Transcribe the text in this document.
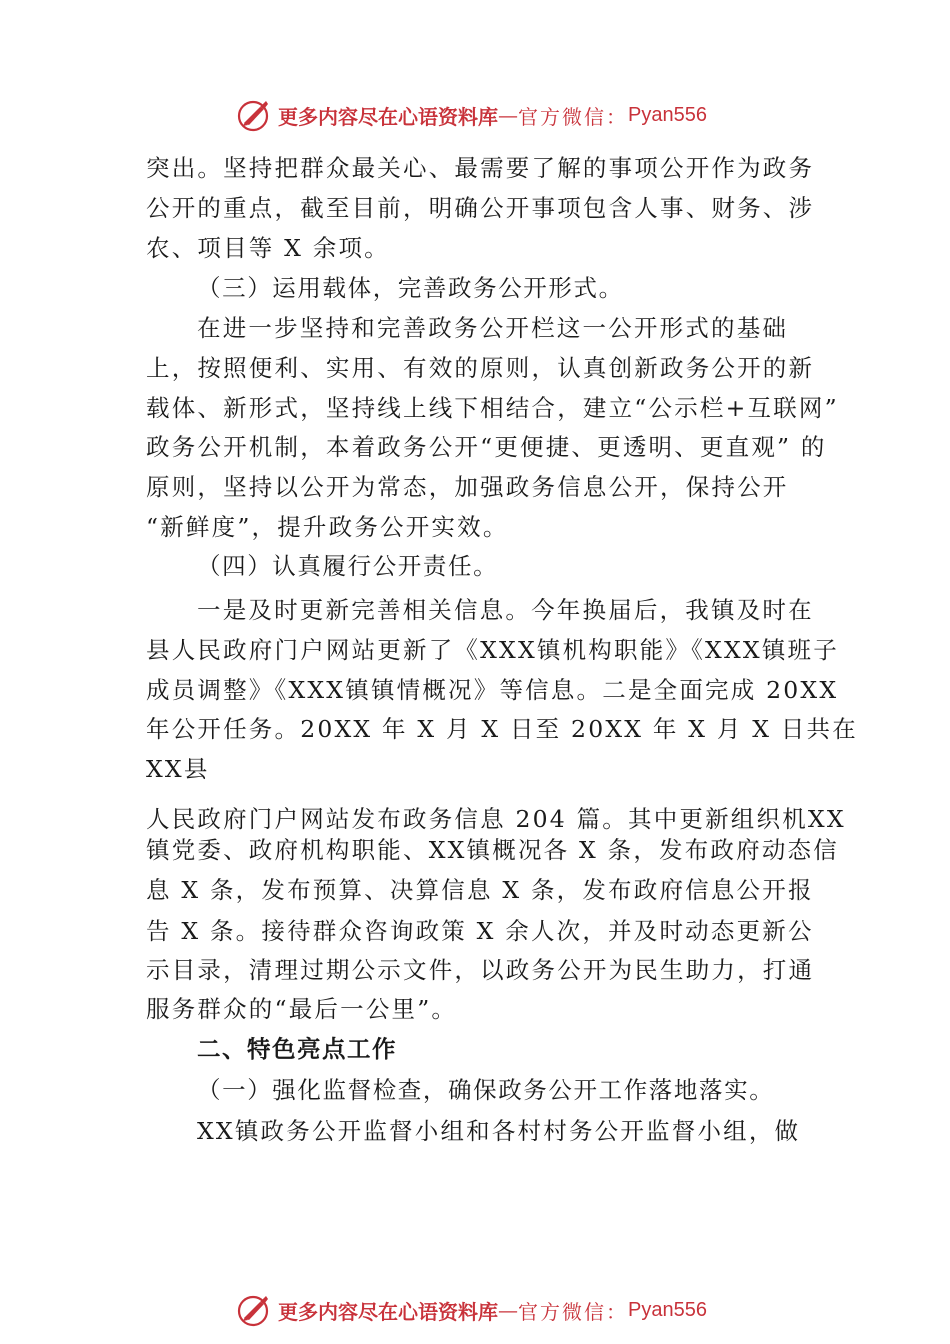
更多内容尽在心语资料库 — 官方微信： Pyan556
突出。坚持把群众最关心、最需要了解的事项公开作为政务
公开的重点，截至目前，明确公开事项包含人事、财务、涉
农、项目等 X 余项。
（三）运用载体，完善政务公开形式。
在进一步坚持和完善政务公开栏这一公开形式的基础
上，按照便利、实用、有效的原则，认真创新政务公开的新
载体、新形式，坚持线上线下相结合，建立“公示栏+互联网”
政务公开机制，本着政务公开“更便捷、更透明、更直观” 的
原则，坚持以公开为常态，加强政务信息公开，保持公开
“新鲜度”，提升政务公开实效。
（四）认真履行公开责任。
一是及时更新完善相关信息。今年换届后，我镇及时在
县人民政府门户网站更新了《XXX镇机构职能》《XXX镇班子
成员调整》《XXX镇镇情概况》等信息。二是全面完成 20XX
年公开任务。20XX 年 X 月 X 日至 20XX 年 X 月 X 日共在
XX县
人民政府门户网站发布政务信息 204 篇。其中更新组织机XX
镇党委、政府机构职能、XX镇概况各 X 条，发布政府动态信
息 X 条，发布预算、决算信息 X 条，发布政府信息公开报
告 X 条。接待群众咨询政策 X 余人次，并及时动态更新公
示目录，清理过期公示文件，以政务公开为民生助力，打通
服务群众的“最后一公里”。
二、特色亮点工作
（一）强化监督检查，确保政务公开工作落地落实。
XX镇政务公开监督小组和各村村务公开监督小组，做
更多内容尽在心语资料库 — 官方微信： Pyan556
